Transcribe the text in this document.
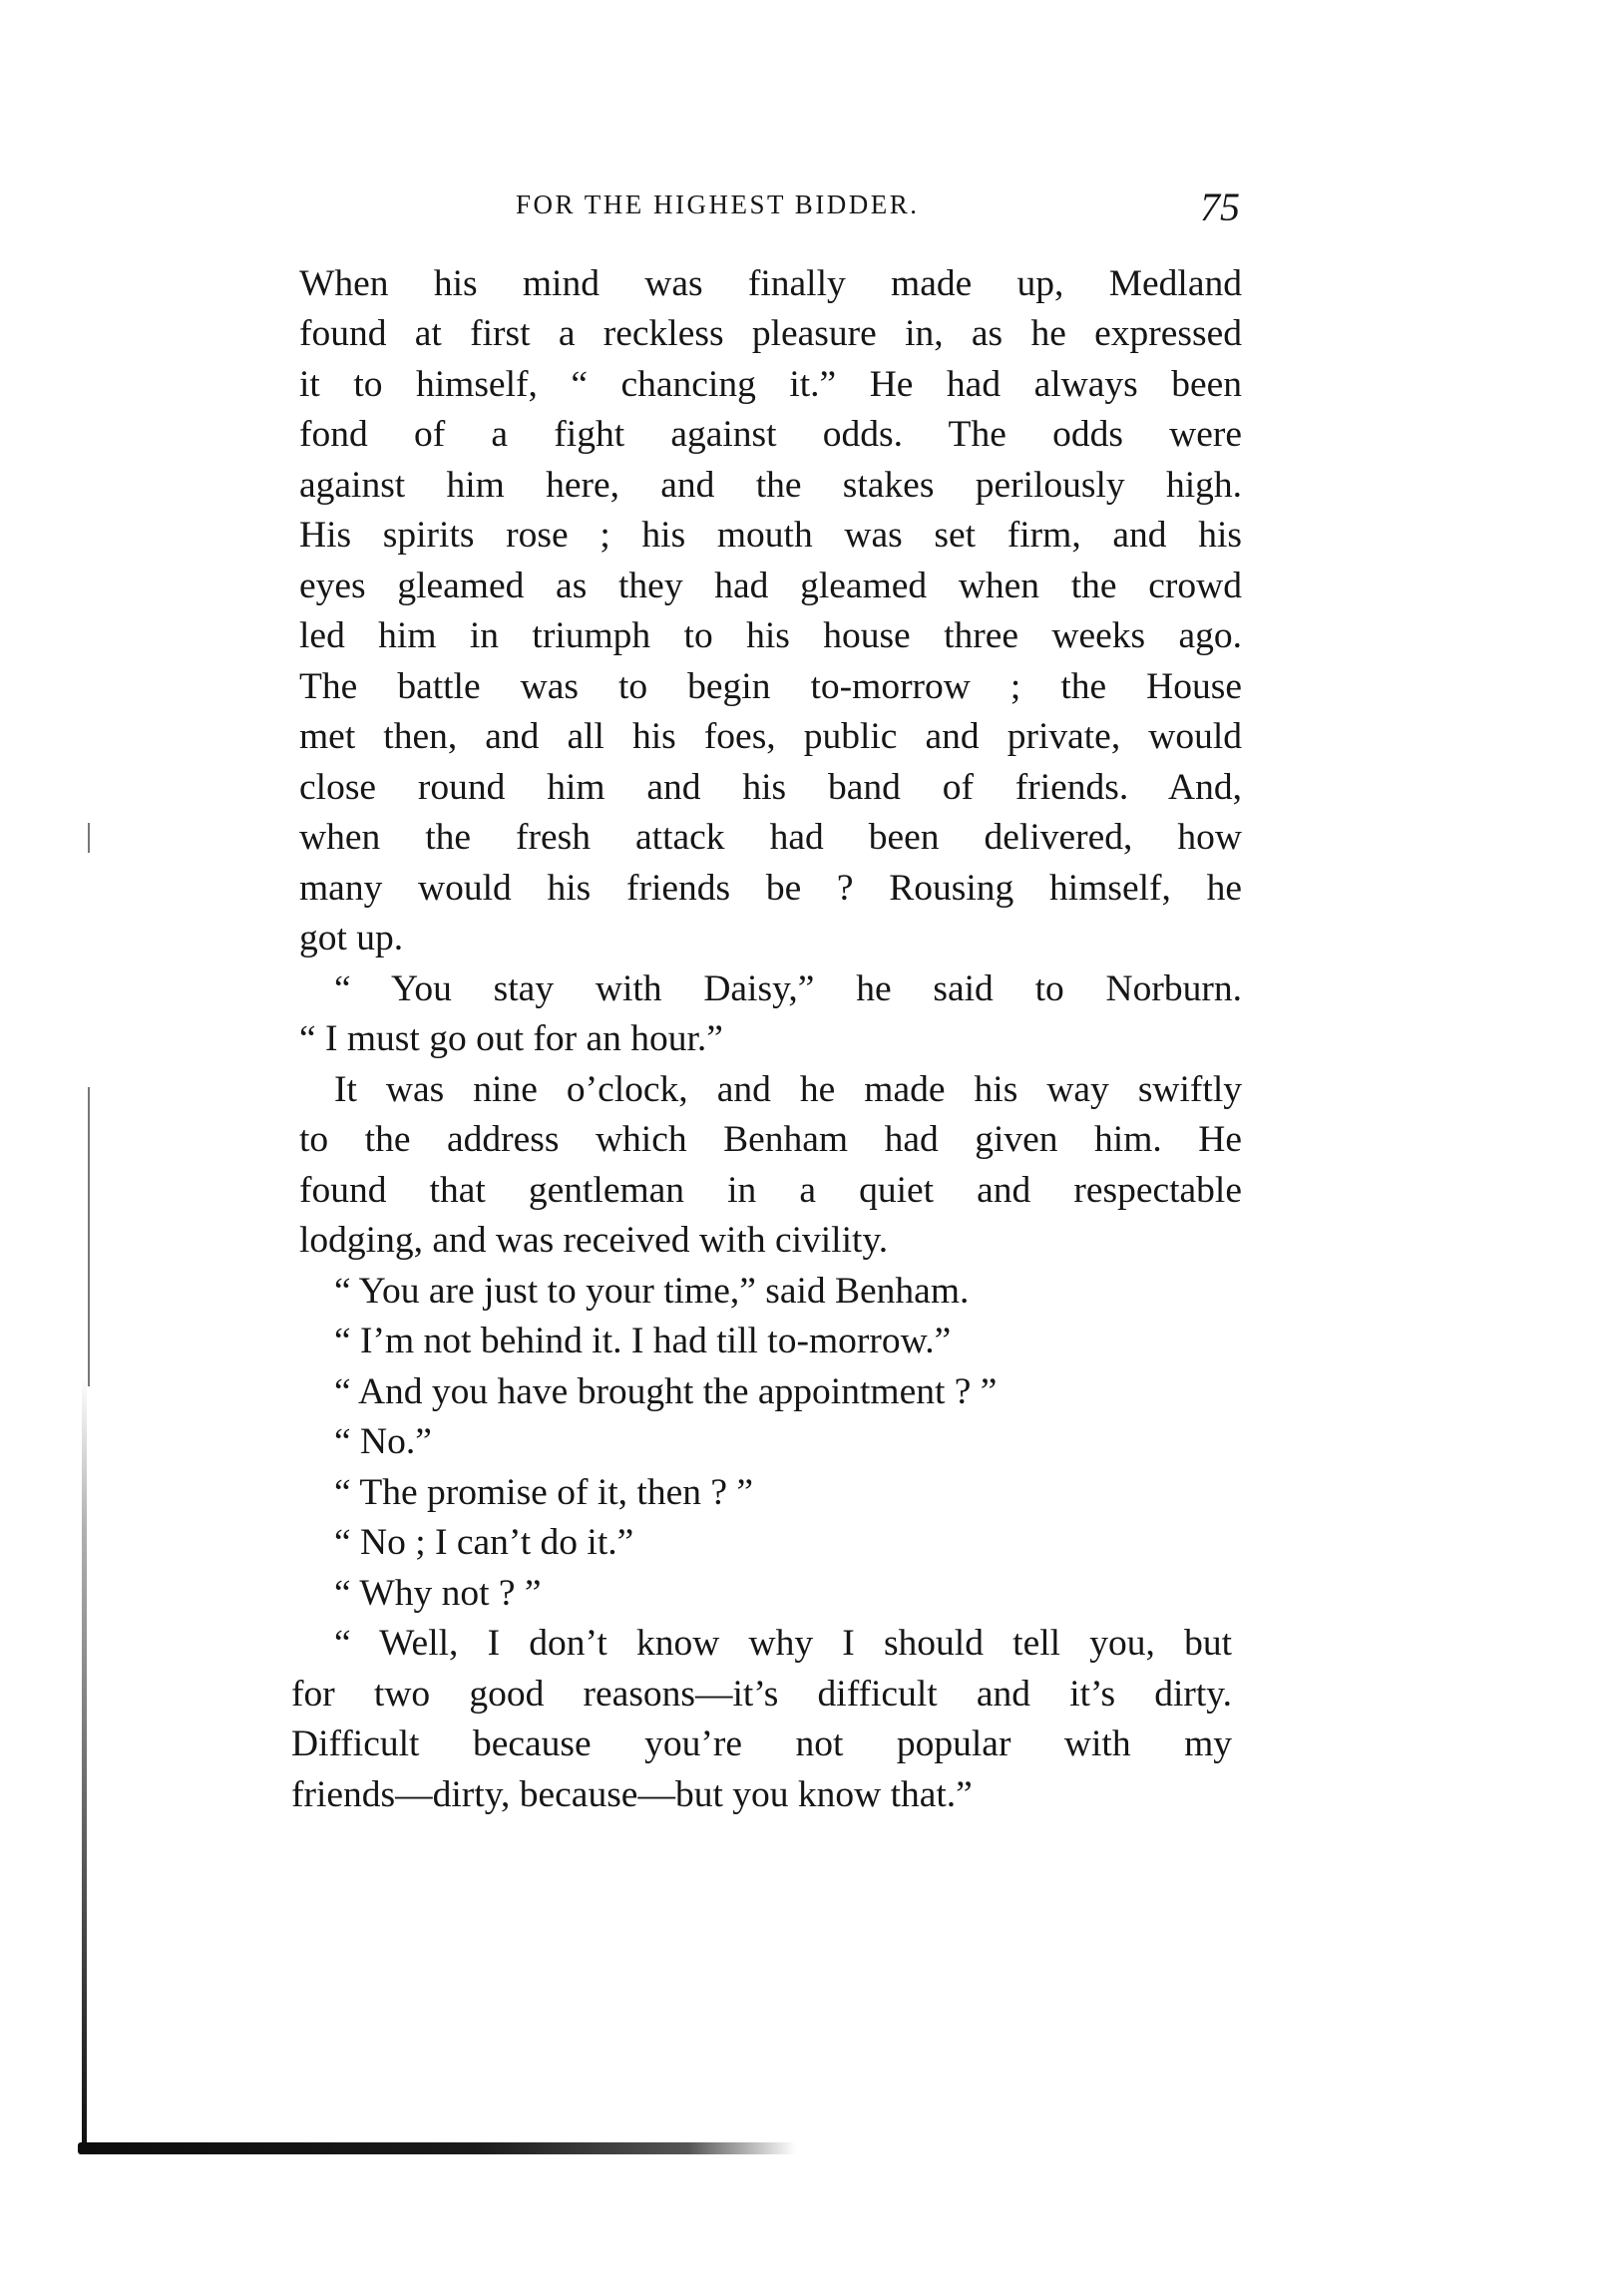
FOR THE HIGHEST BIDDER.	75
When his mind was finally made up, Medland
found at first a reckless pleasure in, as he expressed
it to himself, “ chancing it.” He had always been
fond of a fight against odds. The odds were
against him here, and the stakes perilously high.
His spirits rose ; his mouth was set firm, and his
eyes gleamed as they had gleamed when the crowd
led him in triumph to his house three weeks ago.
The battle was to begin to-morrow ; the House
met then, and all his foes, public and private, would
close round him and his band of friends. And,
when the fresh attack had been delivered, how
many would his friends be ? Rousing himself, he
got up.
“ You stay with Daisy,” he said to Norburn.
“ I must go out for an hour.”
It was nine o’clock, and he made his way swiftly
to the address which Benham had given him. He
found that gentleman in a quiet and respectable
lodging, and was received with civility.
“ You are just to your time,” said Benham.
“ I’m not behind it. I had till to-morrow.”
“ And you have brought the appointment ? ”
“ No.”
“ The promise of it, then ? ”
“ No ; I can’t do it.”
“ Why not ? ”
“ Well, I don’t know why I should tell you, but
for two good reasons—it’s difficult and it’s dirty.
Difficult because you’re not popular with my
friends—dirty, because—but you know that.”
